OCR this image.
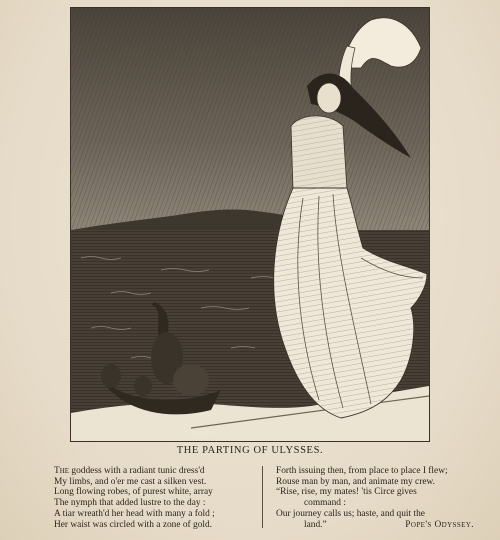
SWAIN.SC
THE PARTING OF ULYSSES.
The goddess with a radiant tunic dress'd
My limbs, and o'er me cast a silken vest.
Long flowing robes, of purest white, array
The nymph that added lustre to the day :
A tiar wreath'd her head with many a fold ;
Her waist was circled with a zone of gold.
Forth issuing then, from place to place I flew;
Rouse man by man, and animate my crew.
“Rise, rise, my mates! 'tis Circe gives
command :
Our journey calls us; haste, and quit the
land.”	Pope's Odyssey.
